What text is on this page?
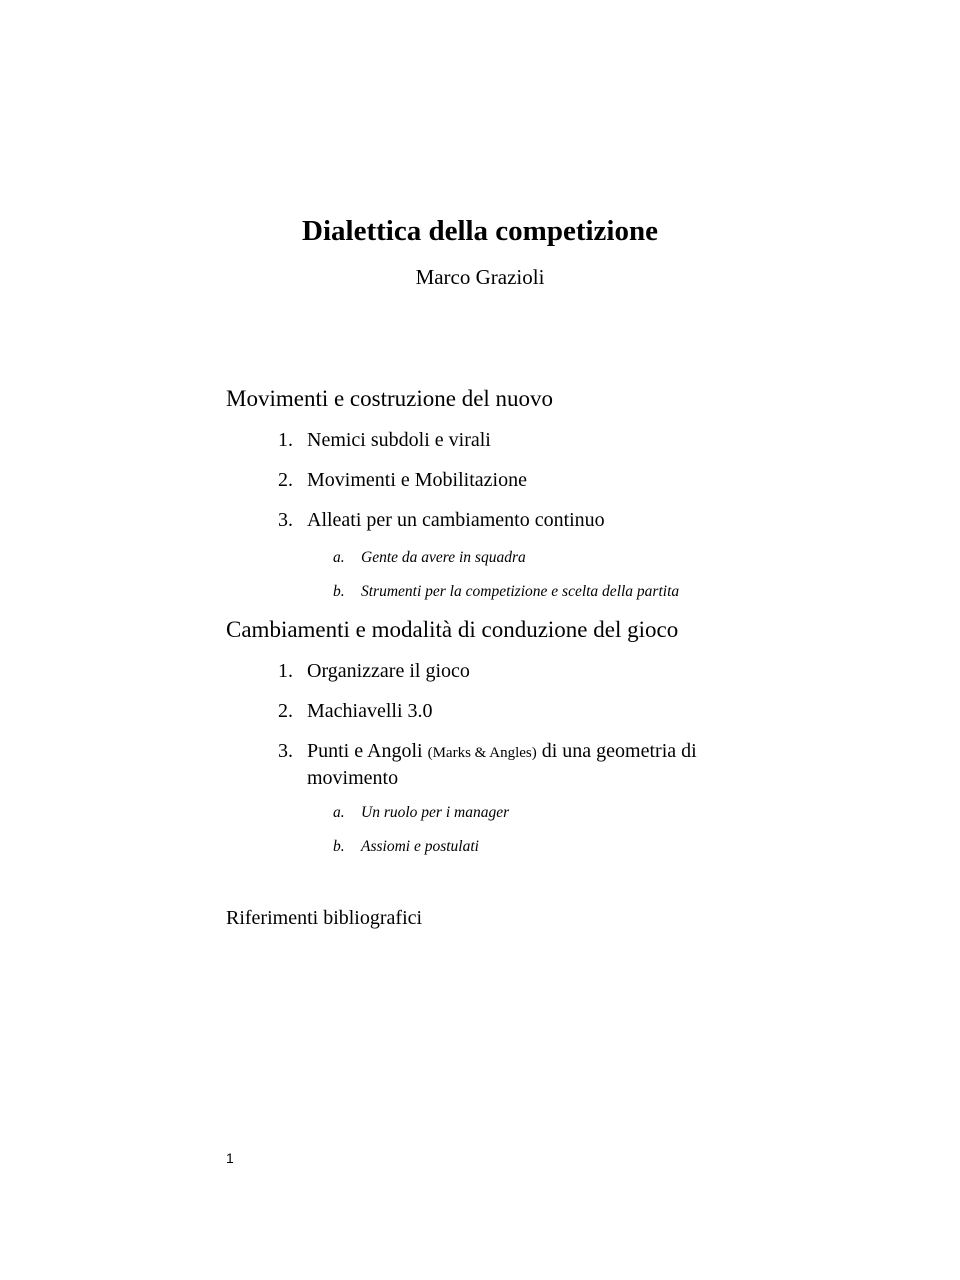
Dialettica della competizione
Marco Grazioli
Movimenti e costruzione del nuovo
1. Nemici subdoli e virali
2. Movimenti e Mobilitazione
3. Alleati per un cambiamento continuo
a.	Gente da avere in squadra
b.	Strumenti per la competizione e scelta della partita
Cambiamenti e modalità di conduzione del gioco
1. Organizzare il gioco
2. Machiavelli 3.0
3. Punti e Angoli (Marks & Angles) di una geometria di movimento
a.	Un ruolo per i manager
b.	Assiomi e postulati
Riferimenti bibliografici
1
